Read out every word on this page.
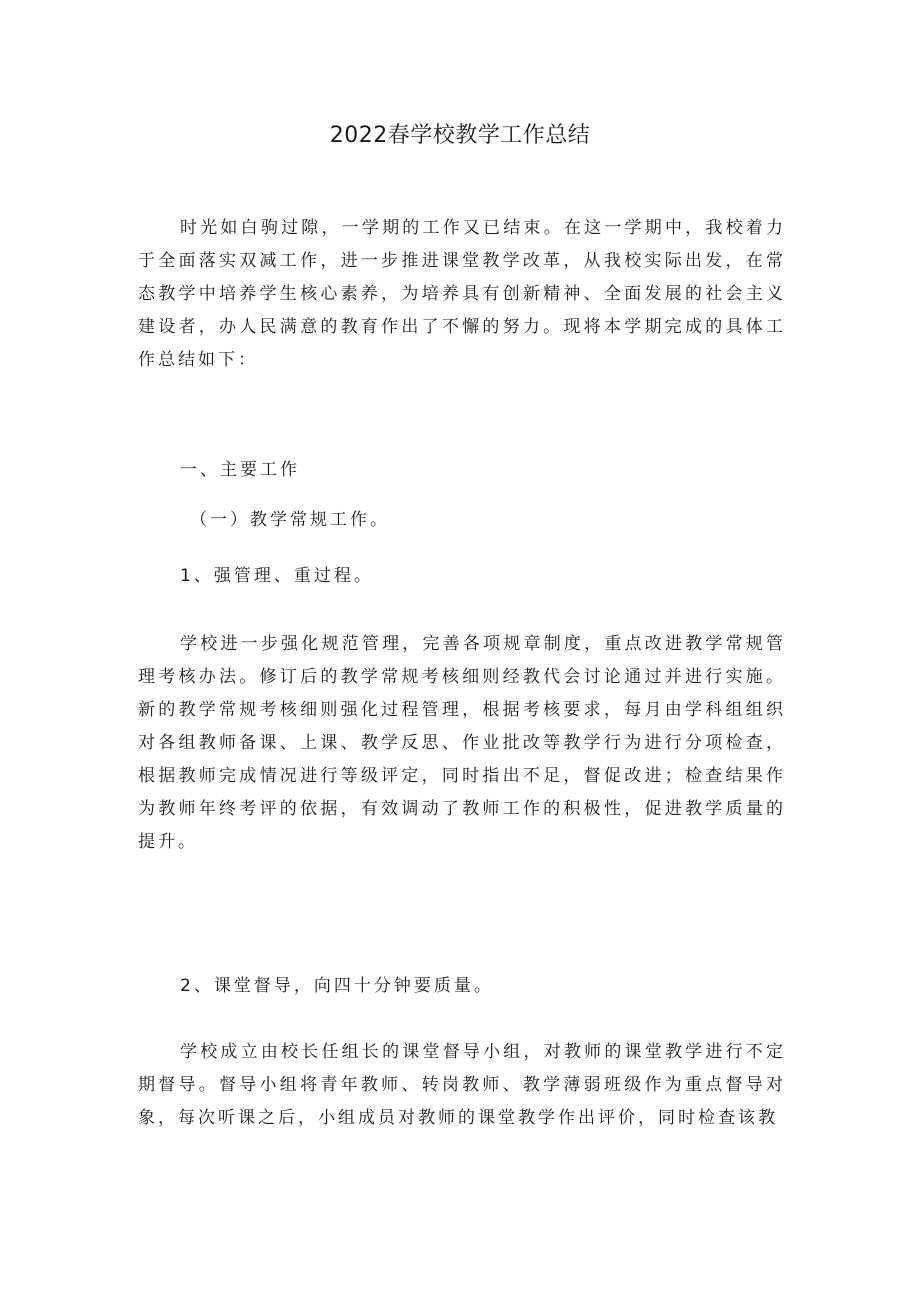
2022春学校教学工作总结

时光如白驹过隙，一学期的工作又已结束。在这一学期中，我校着力于全面落实双减工作，进一步推进课堂教学改革，从我校实际出发，在常态教学中培养学生核心素养，为培养具有创新精神、全面发展的社会主义建设者，办人民满意的教育作出了不懈的努力。现将本学期完成的具体工作总结如下：

一、主要工作

（一）教学常规工作。

1、强管理、重过程。

学校进一步强化规范管理，完善各项规章制度，重点改进教学常规管理考核办法。修订后的教学常规考核细则经教代会讨论通过并进行实施。新的教学常规考核细则强化过程管理，根据考核要求，每月由学科组组织对各组教师备课、上课、教学反思、作业批改等教学行为进行分项检查，根据教师完成情况进行等级评定，同时指出不足，督促改进；检查结果作为教师年终考评的依据，有效调动了教师工作的积极性，促进教学质量的提升。

2、课堂督导，向四十分钟要质量。

学校成立由校长任组长的课堂督导小组，对教师的课堂教学进行不定期督导。督导小组将青年教师、转岗教师、教学薄弱班级作为重点督导对象，每次听课之后，小组成员对教师的课堂教学作出评价，同时检查该教
